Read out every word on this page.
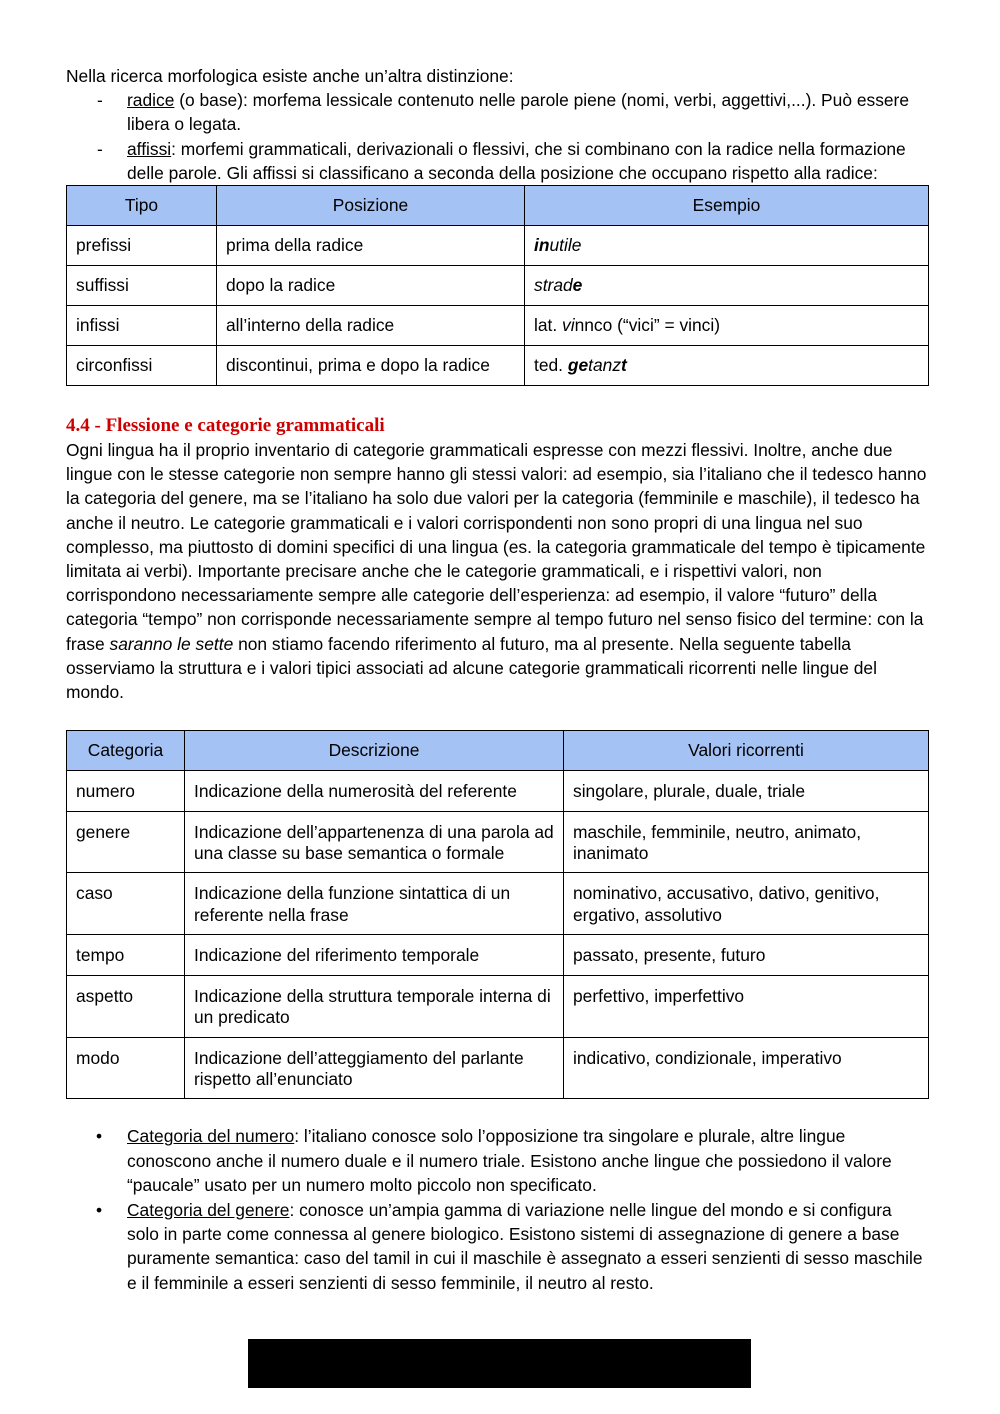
Nella ricerca morfologica esiste anche un’altra distinzione:

- radice (o base): morfema lessicale contenuto nelle parole piene (nomi, verbi, aggettivi,...). Può essere libera o legata.
- affissi: morfemi grammaticali, derivazionali o flessivi, che si combinano con la radice nella formazione delle parole. Gli affissi si classificano a seconda della posizione che occupano rispetto alla radice:
Tipo	Posizione	Esempio
prefissi	prima della radice	inutile
suffissi	dopo la radice	strade
infissi	all’interno della radice	lat. vinnco (“vici” = vinci)
circonfissi	discontinui, prima e dopo la radice	ted. getanzt
4.4 - Flessione e categorie grammaticali

Ogni lingua ha il proprio inventario di categorie grammaticali espresse con mezzi flessivi. Inoltre, anche due lingue con le stesse categorie non sempre hanno gli stessi valori: ad esempio, sia l’italiano che il tedesco hanno la categoria del genere, ma se l’italiano ha solo due valori per la categoria (femminile e maschile), il tedesco ha anche il neutro. Le categorie grammaticali e i valori corrispondenti non sono propri di una lingua nel suo complesso, ma piuttosto di domini specifici di una lingua (es. la categoria grammaticale del tempo è tipicamente limitata ai verbi). Importante precisare anche che le categorie grammaticali, e i rispettivi valori, non corrispondono necessariamente sempre alle categorie dell’esperienza: ad esempio, il valore “futuro” della categoria “tempo” non corrisponde necessariamente sempre al tempo futuro nel senso fisico del termine: con la frase saranno le sette non stiamo facendo riferimento al futuro, ma al presente. Nella seguente tabella osserviamo la struttura e i valori tipici associati ad alcune categorie grammaticali ricorrenti nelle lingue del mondo.

Categoria	Descrizione	Valori ricorrenti
numero	Indicazione della numerosità del referente	singolare, plurale, duale, triale
genere	Indicazione dell’appartenenza di una parola ad una classe su base semantica o formale	maschile, femminile, neutro, animato, inanimato
caso	Indicazione della funzione sintattica di un referente nella frase	nominativo, accusativo, dativo, genitivo, ergativo, assolutivo
tempo	Indicazione del riferimento temporale	passato, presente, futuro
aspetto	Indicazione della struttura temporale interna di un predicato	perfettivo, imperfettivo
modo	Indicazione dell’atteggiamento del parlante rispetto all’enunciato	indicativo, condizionale, imperativo
• Categoria del numero: l’italiano conosce solo l’opposizione tra singolare e plurale, altre lingue conoscono anche il numero duale e il numero triale. Esistono anche lingue che possiedono il valore “paucale” usato per un numero molto piccolo non specificato.
• Categoria del genere: conosce un’ampia gamma di variazione nelle lingue del mondo e si configura solo in parte come connessa al genere biologico. Esistono sistemi di assegnazione di genere a base puramente semantica: caso del tamil in cui il maschile è assegnato a esseri senzienti di sesso maschile e il femminile a esseri senzienti di sesso femminile, il neutro al resto.
